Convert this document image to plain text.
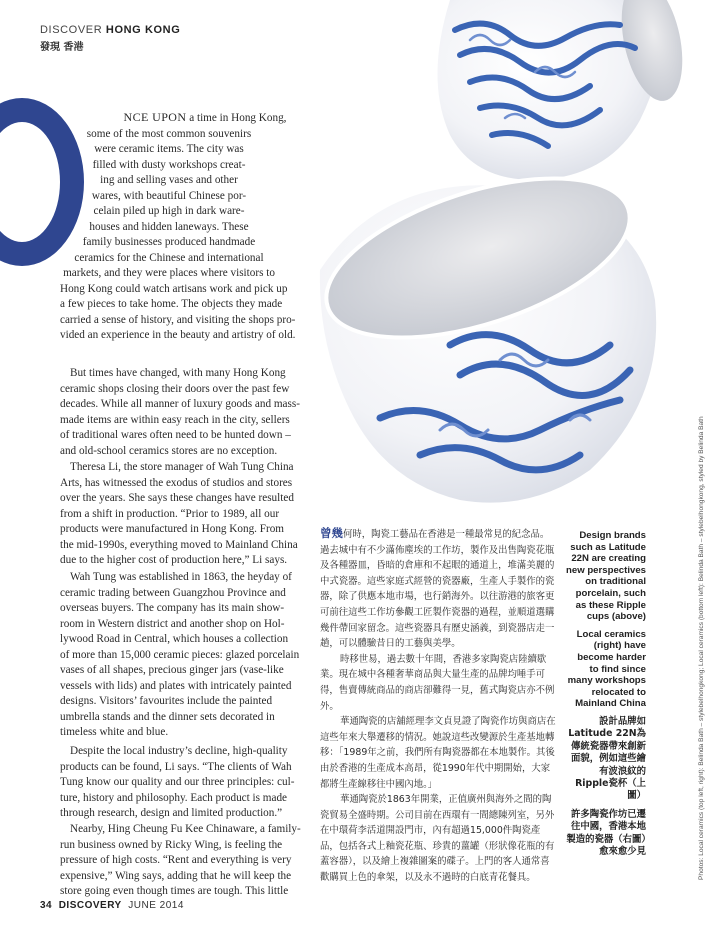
DISCOVER HONG KONG
發現 香港
NCE UPON a time in Hong Kong,
some of the most common souvenirs
were ceramic items. The city was
filled with dusty workshops creat-
ing and selling vases and other
wares, with beautiful Chinese por-
celain piled up high in dark ware-
houses and hidden laneways. These
family businesses produced handmade
ceramics for the Chinese and international
markets, and they were places where visitors to
Hong Kong could watch artisans work and pick up
a few pieces to take home. The objects they made
carried a sense of history, and visiting the shops pro-
vided an experience in the beauty and artistry of old.
But times have changed, with many Hong Kong
ceramic shops closing their doors over the past few
decades. While all manner of luxury goods and mass-
made items are within easy reach in the city, sellers
of traditional wares often need to be hunted down –
and old-school ceramics stores are no exception.
Theresa Li, the store manager of Wah Tung China
Arts, has witnessed the exodus of studios and stores
over the years. She says these changes have resulted
from a shift in production. “Prior to 1989, all our
products were manufactured in Hong Kong. From
the mid-1990s, everything moved to Mainland China
due to the higher cost of production here,” Li says.
Wah Tung was established in 1863, the heyday of
ceramic trading between Guangzhou Province and
overseas buyers. The company has its main show-
room in Western district and another shop on Hol-
lywood Road in Central, which houses a collection
of more than 15,000 ceramic pieces: glazed porcelain
vases of all shapes, precious ginger jars (vase-like
vessels with lids) and plates with intricately painted
designs. Visitors’ favourites include the painted
umbrella stands and the dinner sets decorated in
timeless white and blue.
Despite the local industry’s decline, high-quality
products can be found, Li says. “The clients of Wah
Tung know our quality and our three principles: cul-
ture, history and philosophy. Each product is made
through research, design and limited production.”
Nearby, Hing Cheung Fu Kee Chinaware, a family-
run business owned by Ricky Wing, is feeling the
pressure of high costs. “Rent and everything is very
expensive,” Wing says, adding that he will keep the
store going even though times are tough. This little

曾幾何時，陶瓷工藝品在香港是一種最常見的紀念品。過去城中有不少滿佈塵埃的工作坊，製作及出售陶瓷花瓶及各種器皿，昏暗的倉庫和不起眼的通道上，堆滿美麗的中式瓷器。這些家庭式經營的瓷器廠，生產人手製作的瓷器，除了供應本地市場，也行銷海外。以往游港的旅客更可前往這些工作坊參觀工匠製作瓷器的過程，並順道選購幾件帶回家留念。這些瓷器具有歷史涵義，到瓷器店走一趟，可以體驗昔日的工藝與美學。

時移世易，過去數十年間，香港多家陶瓷店陸續歇業。現在城中各種奢華商品與大量生產的品牌均唾手可得，售賣傳統商品的商店卻難得一見，舊式陶瓷店亦不例外。

華通陶瓷的店舖經理李文貞見證了陶瓷作坊與商店在這些年來大舉遷移的情況。她說這些改變源於生產基地轉移：「1989年之前，我們所有陶瓷器都在本地製作。其後由於香港的生產成本高昂，從1990年代中期開始，大家都將生產線移往中國內地。」

華通陶瓷於1863年開業，正值廣州與海外之間的陶瓷貿易全盛時期。公司目前在西環有一間總陳列室，另外在中環荷李活道開設門市，內有超過15,000件陶瓷產品，包括各式上釉瓷花瓶、珍貴的薑罐（形狀像花瓶的有蓋容器），以及繪上複雜圖案的碟子。上門的客人通常喜歡購買上色的傘架，以及永不過時的白底青花餐具。

Design brands such as Latitude 22N are creating new perspectives on traditional porcelain, such as these Ripple cups (above)

Local ceramics (right) have become harder to find since many workshops relocated to Mainland China

設計品牌如Latitude 22N為傳統瓷器帶來創新面貌，例如這些繪有波浪紋的Ripple瓷杯（上圖）

許多陶瓷作坊已遷往中國，香港本地製造的瓷器（右圖）愈來愈少見	Photos: Local ceramics (top left, right): Belinda Bath – stylebelhongkong; Local ceramics (bottom left): Belinda Bath – stylebelhongkong, styled by Belinda Bath
34 DISCOVERY JUNE 2014
